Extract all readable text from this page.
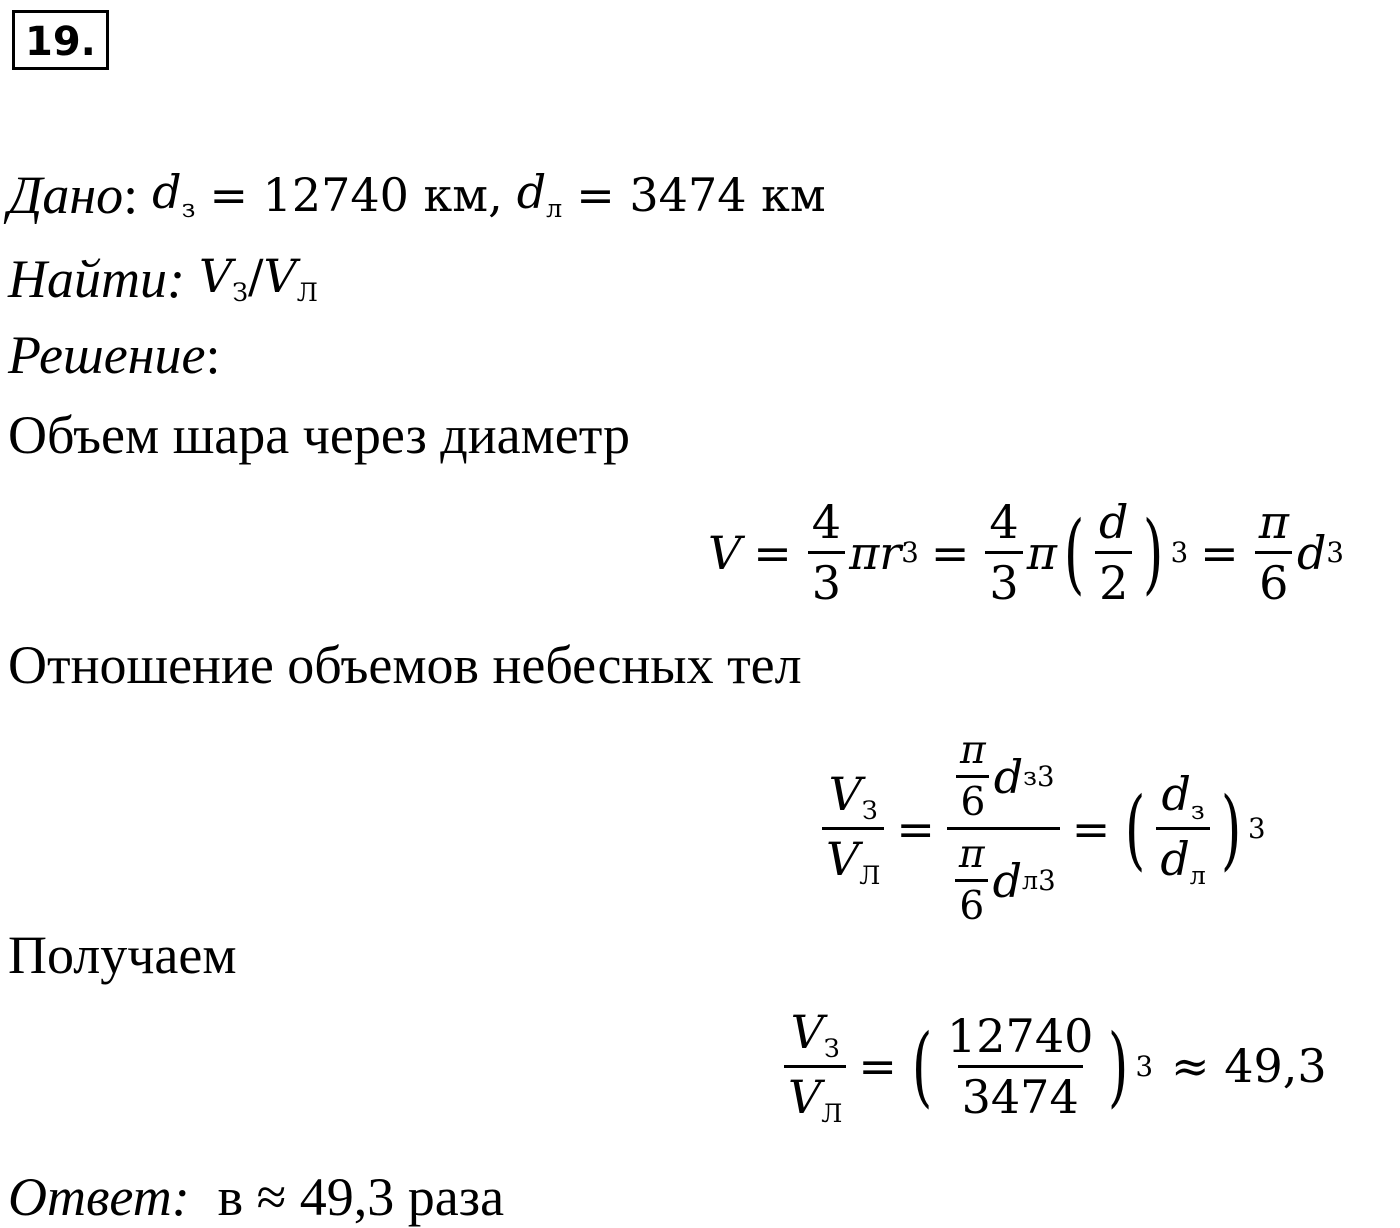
19.
Дано : $d_з = 12740$ км, $d_л = 3474$ км
Найти: $V_З/V_Л$
Решение:
Объем шара через диаметр
$V = \frac{4}{3}$ π r $3 = \frac{4}{3}$ π ( $\frac{d}{2}$ ) $3 = \frac{\pi}{6}$ d 3
Отношение объемов небесных тел
$\frac{V_З}{V_Л} = \frac{\frac{\pi}{6} d з 3}{\frac{\pi}{6} d л 3}$ = ( $\frac{d_з}{d_л}$ ) 3
Получаем
$\frac{V_З}{V_Л}$ = ( $\frac{12740}{3474}$ ) 3 ≈ 49,3
Ответ: в ≈ 49,3 раза
